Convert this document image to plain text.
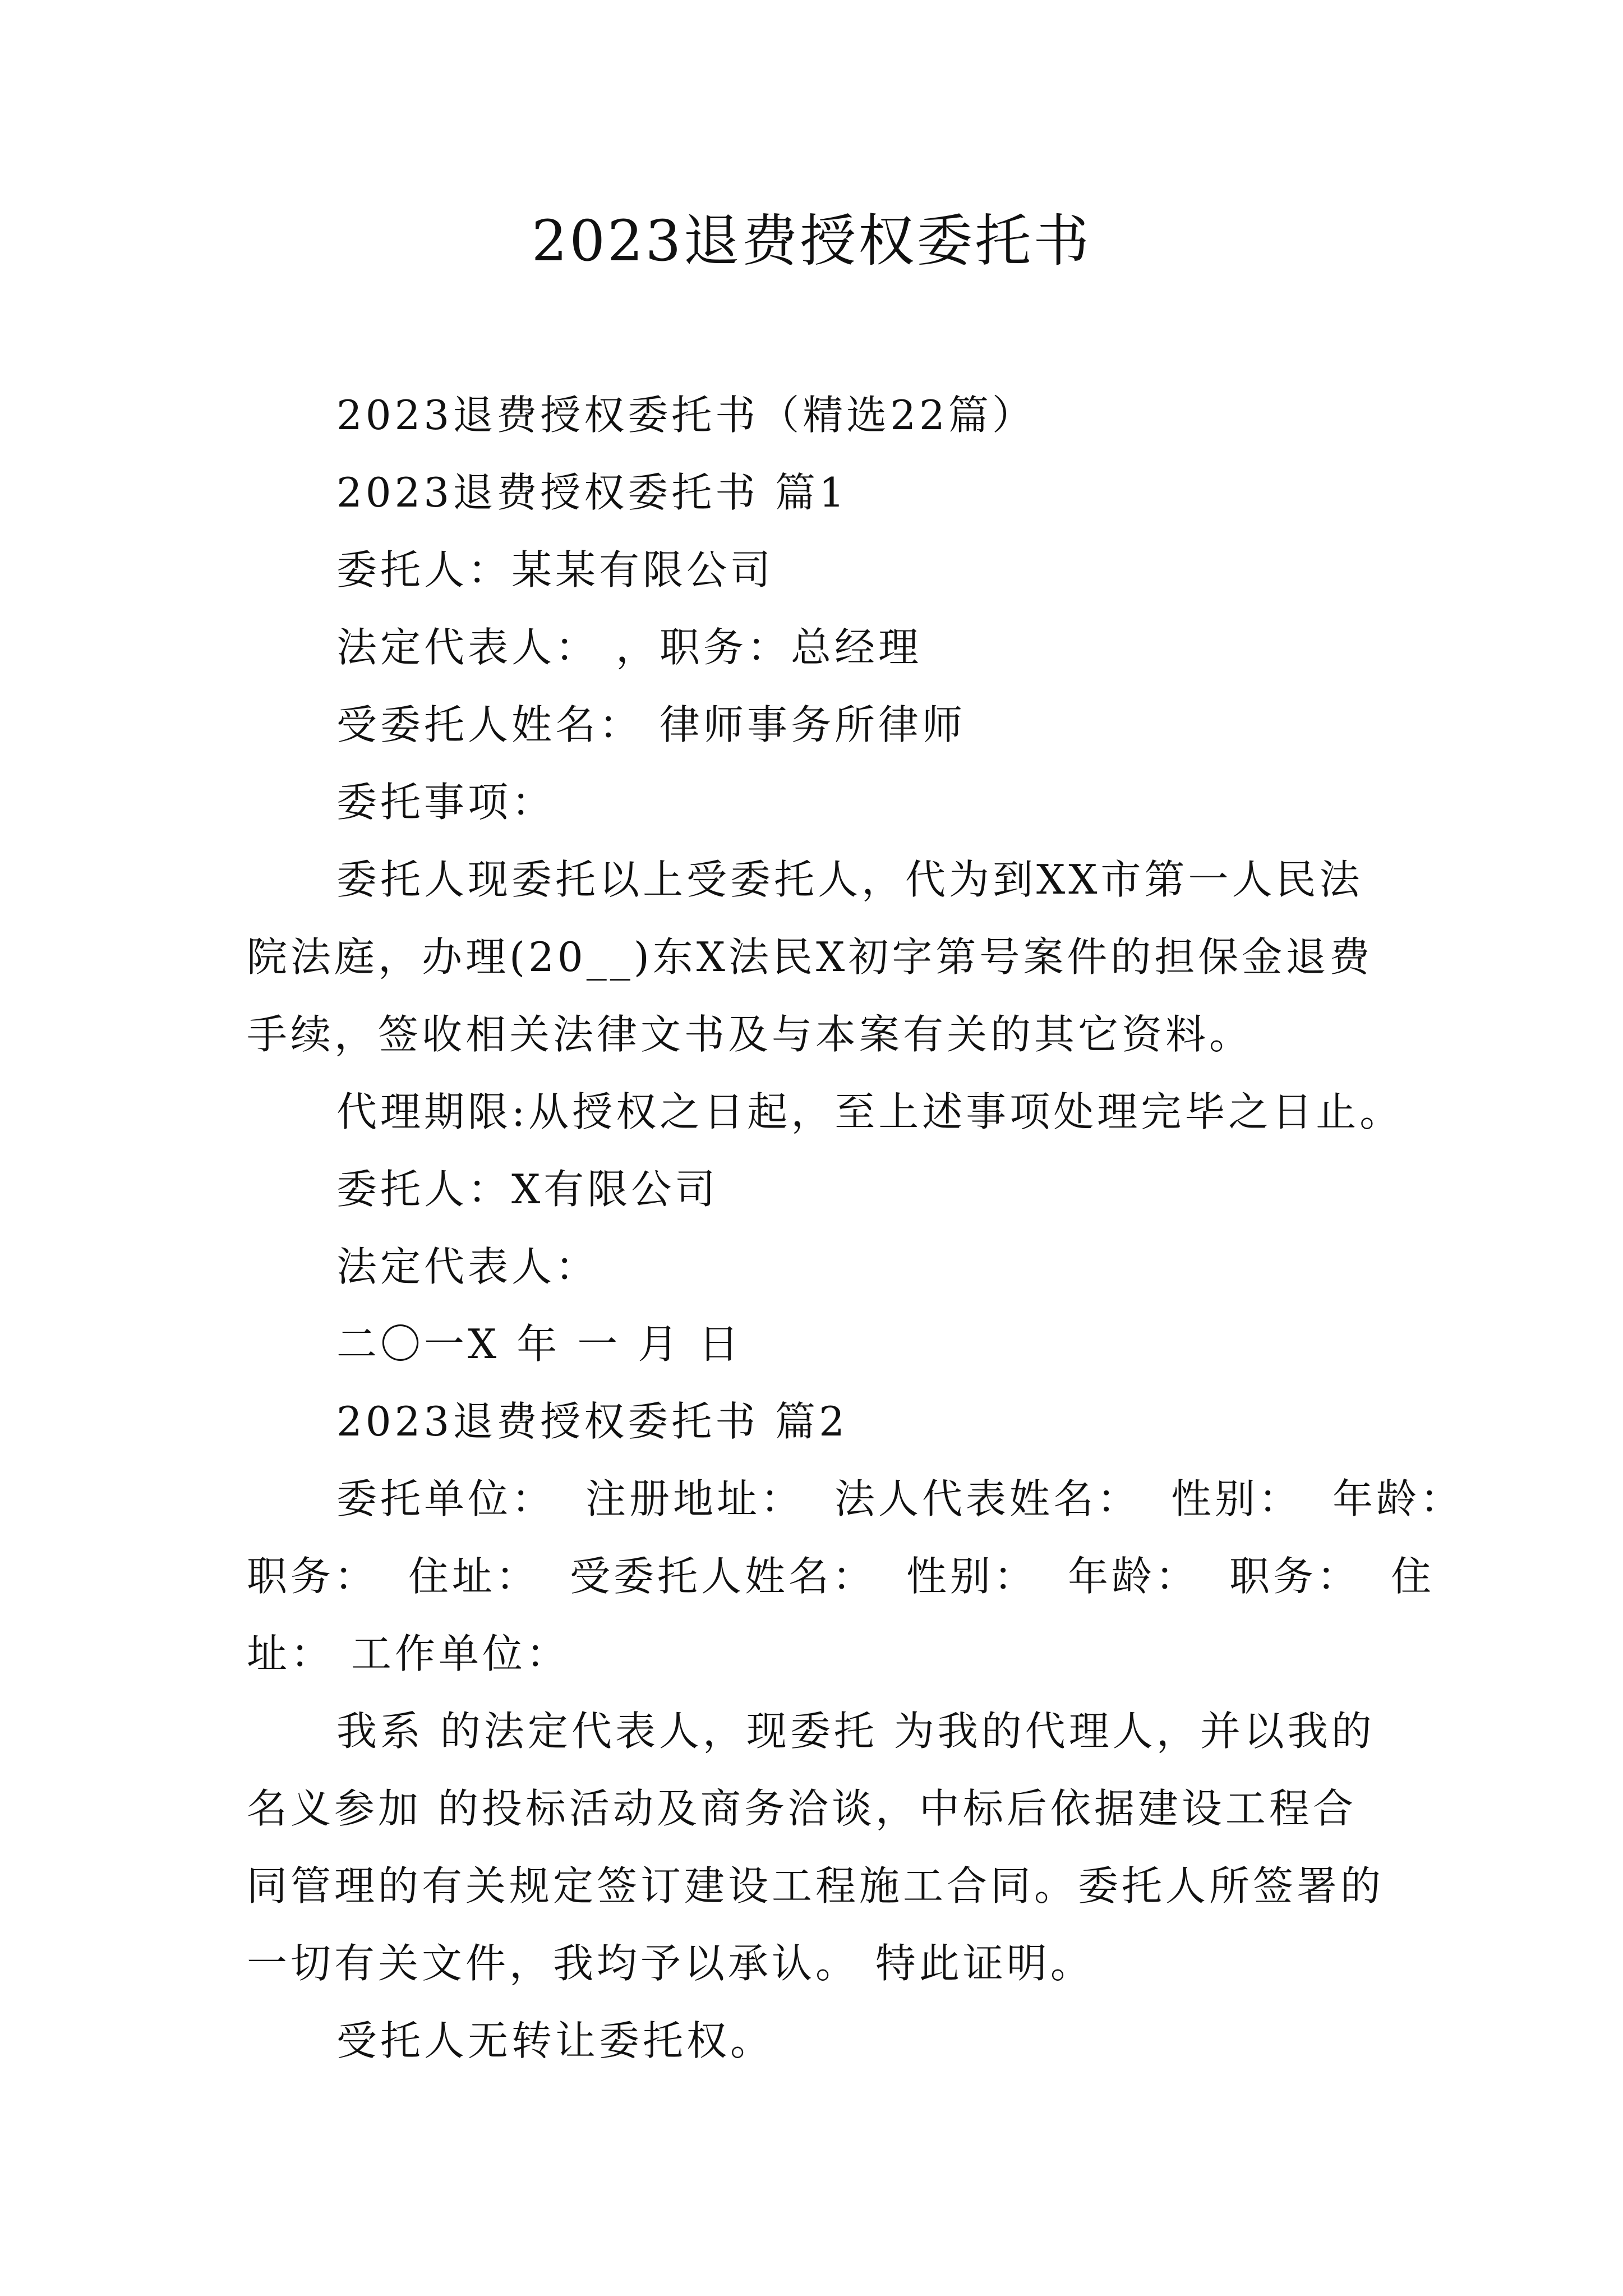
2023退费授权委托书
2023退费授权委托书（精选22篇）
2023退费授权委托书 篇1
委托人：某某有限公司
法定代表人： ，职务：总经理
受委托人姓名： 律师事务所律师
委托事项：
委托人现委托以上受委托人，代为到XX市第一人民法
院法庭，办理(20__)东X法民X初字第号案件的担保金退费
手续，签收相关法律文书及与本案有关的其它资料。
代理期限:从授权之日起，至上述事项处理完毕之日止。
委托人：X有限公司
法定代表人：
二〇一X 年 一 月 日
2023退费授权委托书 篇2
委托单位： 注册地址： 法人代表姓名： 性别： 年龄：
职务： 住址： 受委托人姓名： 性别： 年龄： 职务： 住
址： 工作单位：
我系 的法定代表人，现委托 为我的代理人，并以我的
名义参加 的投标活动及商务洽谈，中标后依据建设工程合
同管理的有关规定签订建设工程施工合同。委托人所签署的
一切有关文件，我均予以承认。 特此证明。
受托人无转让委托权。
